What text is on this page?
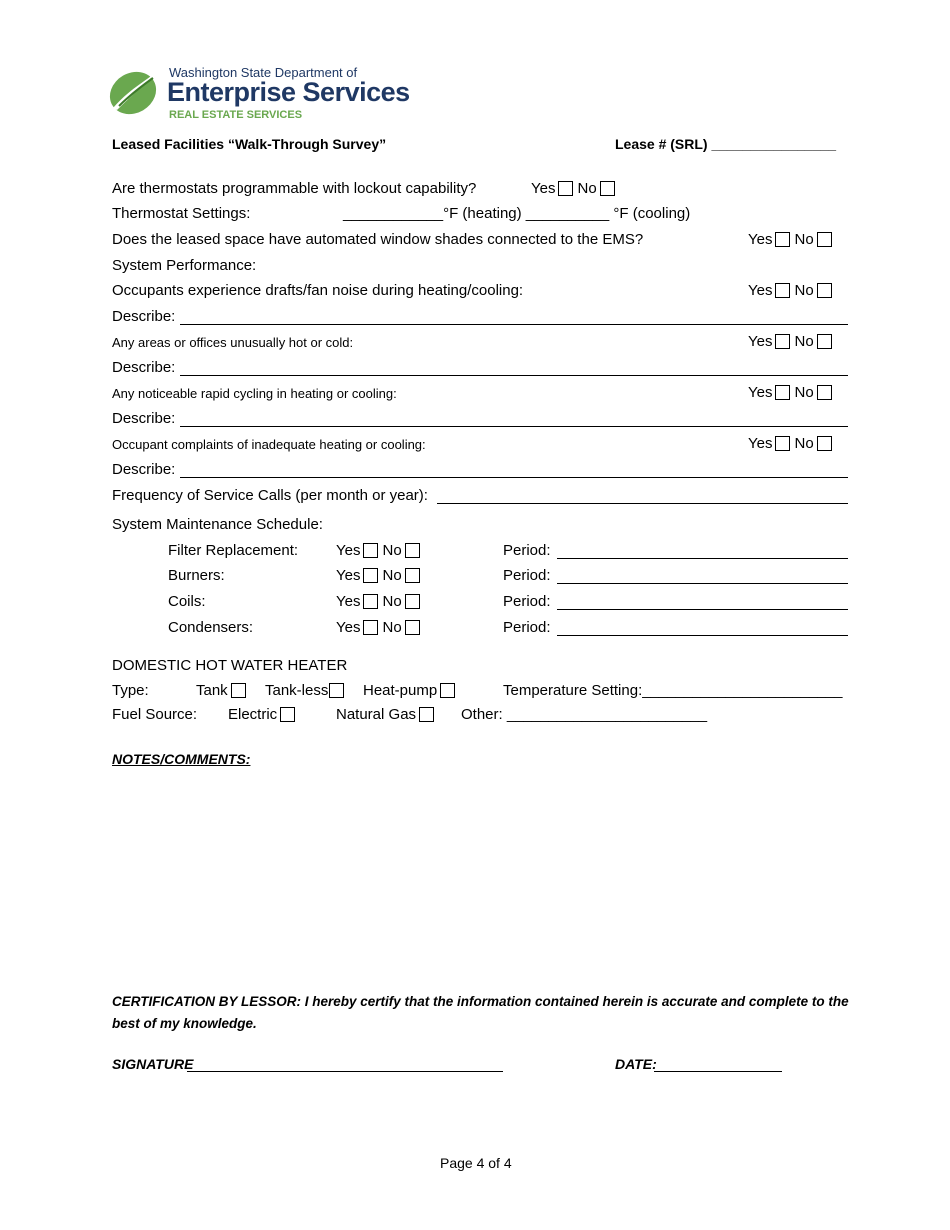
Washington State Department of
Enterprise Services
REAL ESTATE SERVICES
Leased Facilities “Walk-Through Survey”	Lease # (SRL) ________________
Are thermostats programmable with lockout capability?	Yes No
Thermostat Settings:	____________°F (heating) __________ °F (cooling)
Does the leased space have automated window shades connected to the EMS?	Yes No
System Performance:
Occupants experience drafts/fan noise during heating/cooling:	Yes No
Describe:
Any areas or offices unusually hot or cold:	Yes No
Describe:
Any noticeable rapid cycling in heating or cooling:	Yes No
Describe:
Occupant complaints of inadequate heating or cooling:	Yes No
Describe:
Frequency of Service Calls (per month or year):
System Maintenance Schedule:
Filter Replacement:	Yes No	Period:
Burners:	Yes No	Period:
Coils:	Yes No	Period:
Condensers:	Yes No	Period:
DOMESTIC HOT WATER HEATER
Type:	Tank	Tank-less	Heat-pump	Temperature Setting:________________________
Fuel Source: Electric	Natural Gas	Other: ________________________
NOTES/COMMENTS:
CERTIFICATION BY LESSOR: I hereby certify that the information contained herein is accurate and complete to the
best of my knowledge.
SIGNATURE	DATE:
Page 4 of 4
